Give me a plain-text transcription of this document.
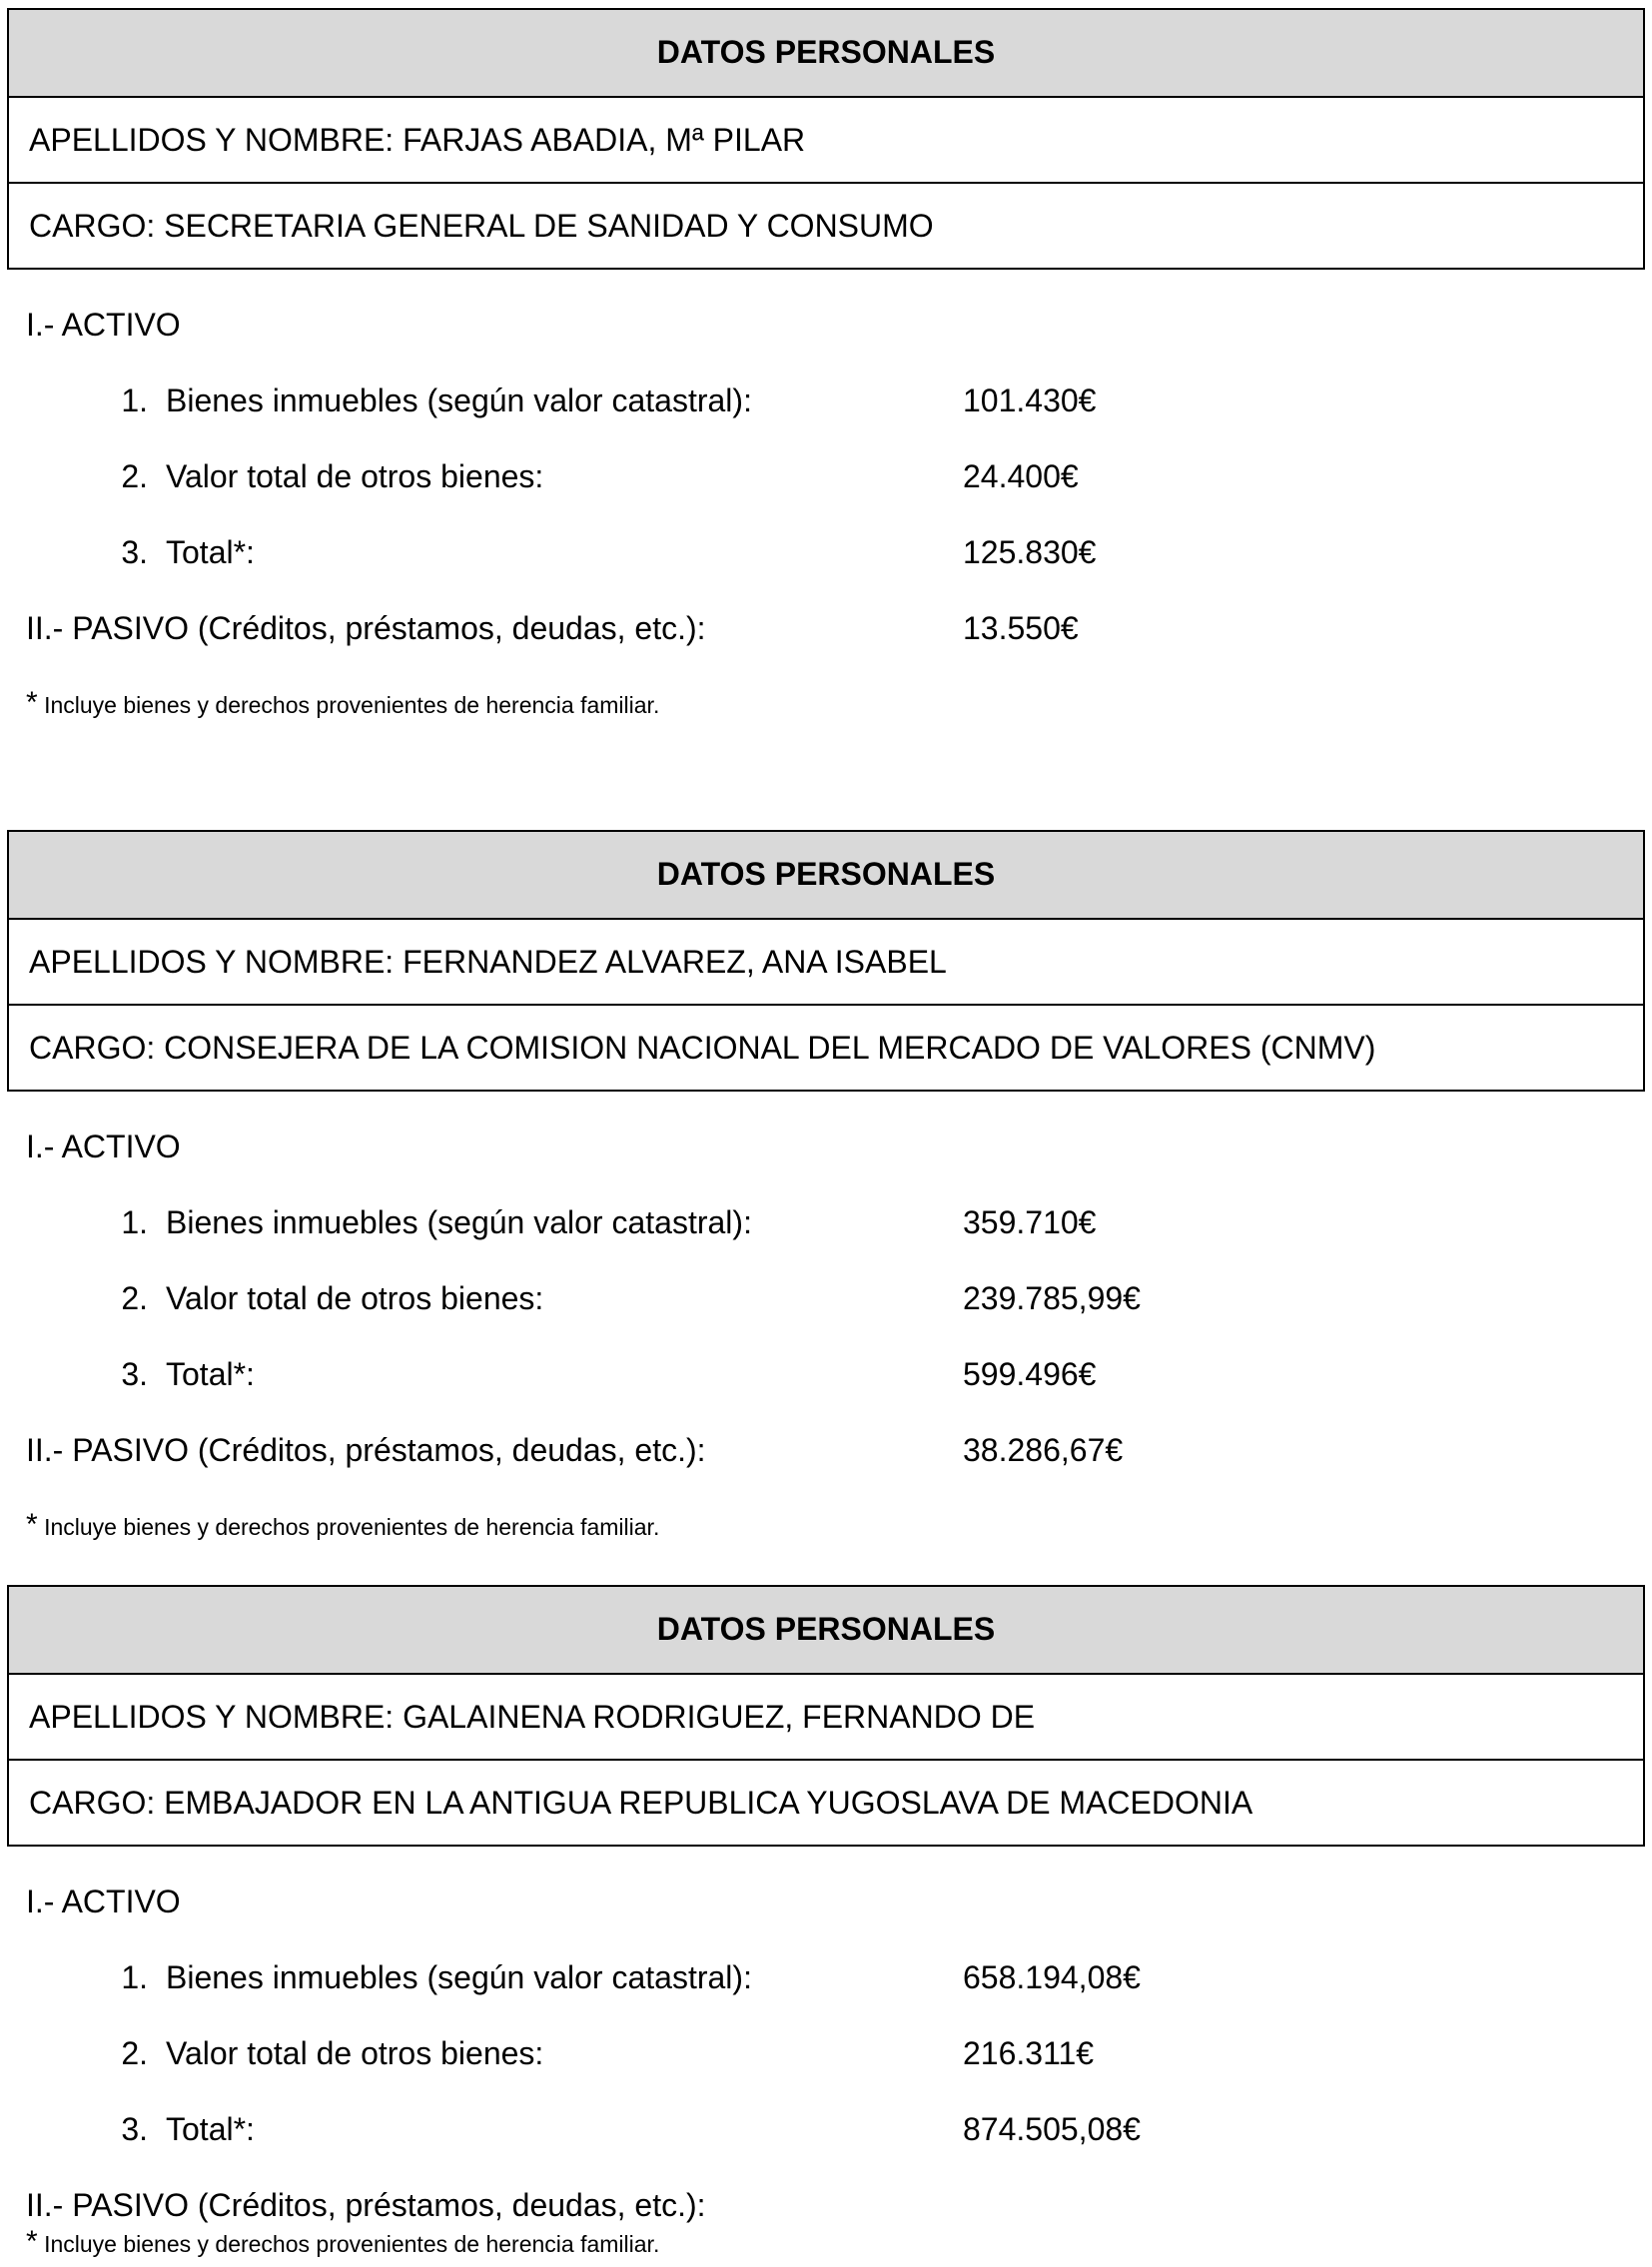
DATOS PERSONALES
APELLIDOS Y NOMBRE: FARJAS ABADIA, Mª PILAR
CARGO: SECRETARIA GENERAL DE SANIDAD Y CONSUMO
I.- ACTIVO
1. Bienes inmuebles (según valor catastral):	101.430€
2. Valor total de otros bienes:	24.400€
3. Total*:	125.830€
II.- PASIVO (Créditos, préstamos, deudas, etc.):	13.550€
* Incluye bienes y derechos provenientes de herencia familiar.
DATOS PERSONALES
APELLIDOS Y NOMBRE: FERNANDEZ ALVAREZ, ANA ISABEL
CARGO: CONSEJERA DE LA COMISION NACIONAL DEL MERCADO DE VALORES (CNMV)
I.- ACTIVO
1. Bienes inmuebles (según valor catastral):	359.710€
2. Valor total de otros bienes:	239.785,99€
3. Total*:	599.496€
II.- PASIVO (Créditos, préstamos, deudas, etc.):	38.286,67€
* Incluye bienes y derechos provenientes de herencia familiar.
DATOS PERSONALES
APELLIDOS Y NOMBRE: GALAINENA RODRIGUEZ, FERNANDO DE
CARGO: EMBAJADOR EN LA ANTIGUA REPUBLICA YUGOSLAVA DE MACEDONIA
I.- ACTIVO
1. Bienes inmuebles (según valor catastral):	658.194,08€
2. Valor total de otros bienes:	216.311€
3. Total*:	874.505,08€
II.- PASIVO (Créditos, préstamos, deudas, etc.):
* Incluye bienes y derechos provenientes de herencia familiar.
